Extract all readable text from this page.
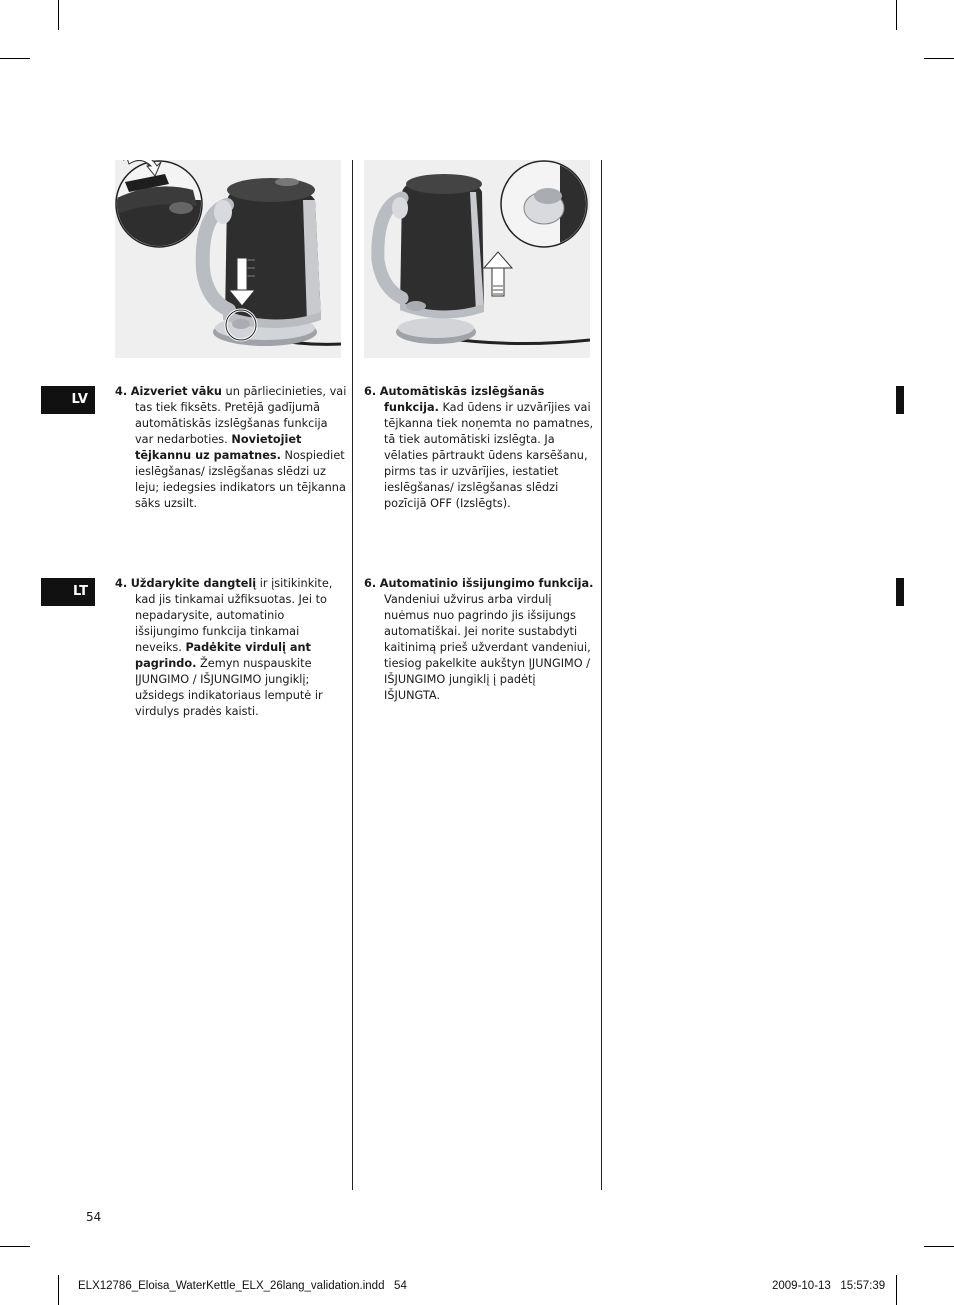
LV
LT
4. Aizveriet vāku un pārliecinieties, vai tas tiek fiksēts. Pretējā gadījumā automātiskās izslēgšanas funkcija var nedarboties. Novietojiet tējkannu uz pamatnes. Nospiediet ieslēgšanas/ izslēgšanas slēdzi uz leju; iedegsies indikators un tējkanna sāks uzsilt.
6. Automātiskās izslēgšanās funkcija. Kad ūdens ir uzvārījies vai tējkanna tiek noņemta no pamatnes, tā tiek automātiski izslēgta. Ja vēlaties pārtraukt ūdens karsēšanu, pirms tas ir uzvārījies, iestatiet ieslēgšanas/ izslēgšanas slēdzi pozīcijā OFF (Izslēgts).
4. Uždarykite dangtelį ir įsitikinkite, kad jis tinkamai užfiksuotas. Jei to nepadarysite, automatinio išsijungimo funkcija tinkamai neveiks. Padėkite virdulį ant pagrindo. Žemyn nuspauskite ĮJUNGIMO / IŠJUNGIMO jungiklį; užsidegs indikatoriaus lemputė ir virdulys pradės kaisti.
6. Automatinio išsijungimo funkcija. Vandeniui užvirus arba virdulį nuėmus nuo pagrindo jis išsijungs automatiškai. Jei norite sustabdyti kaitinimą prieš užverdant vandeniui, tiesiog pakelkite aukštyn ĮJUNGIMO / IŠJUNGIMO jungiklį į padėtį IŠJUNGTA.
54
ELX12786_Eloisa_WaterKettle_ELX_26lang_validation.indd   54	2009-10-13   15:57:39
